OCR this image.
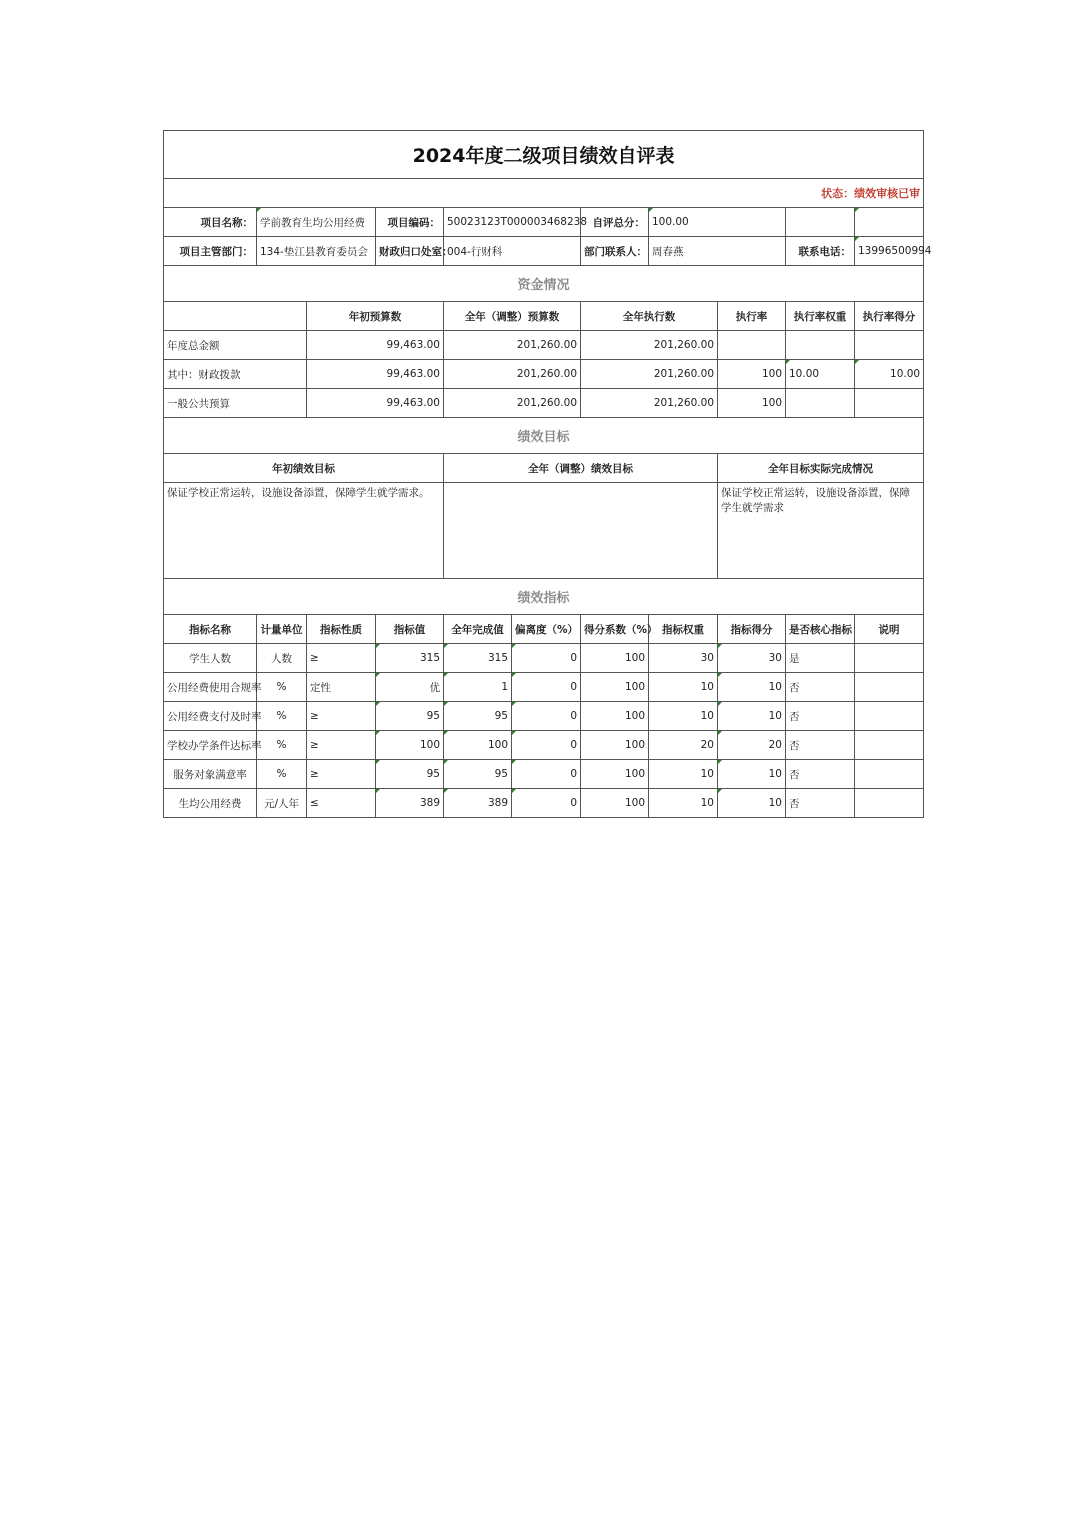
2024年度二级项目绩效自评表										
状态：绩效审核已审										
项目名称：	学前教育生均公用经费		项目编码：	50023123T000003468238		自评总分：	100.00			
项目主管部门：	134-垫江县教育委员会		财政归口处室：	004-行财科		部门联系人：	周春燕		联系电话：	13996500994
资金情况										
		年初预算数		全年（调整）预算数		全年执行数		执行率	执行率权重	执行率得分
年度总金额		99,463.00		201,260.00		201,260.00				
其中：财政拨款		99,463.00		201,260.00		201,260.00		100	10.00	10.00
一般公共预算		99,463.00		201,260.00		201,260.00		100		
绩效目标										
年初绩效目标				全年（调整）绩效目标				全年目标实际完成情况		
保证学校正常运转，设施设备添置，保障学生就学需求。								保证学校正常运转，设施设备添置，保障学生就学需求		
绩效指标										
指标名称	计量单位	指标性质	指标值	全年完成值	偏离度（%）	得分系数（%）	指标权重	指标得分	是否核心指标	说明
学生人数	人数	≥	315	315	0	100	30	30	是	
公用经费使用合规率	%	定性	优	1	0	100	10	10	否	
公用经费支付及时率	%	≥	95	95	0	100	10	10	否	
学校办学条件达标率	%	≥	100	100	0	100	20	20	否	
服务对象满意率	%	≥	95	95	0	100	10	10	否	
生均公用经费	元/人年	≤	389	389	0	100	10	10	否	
